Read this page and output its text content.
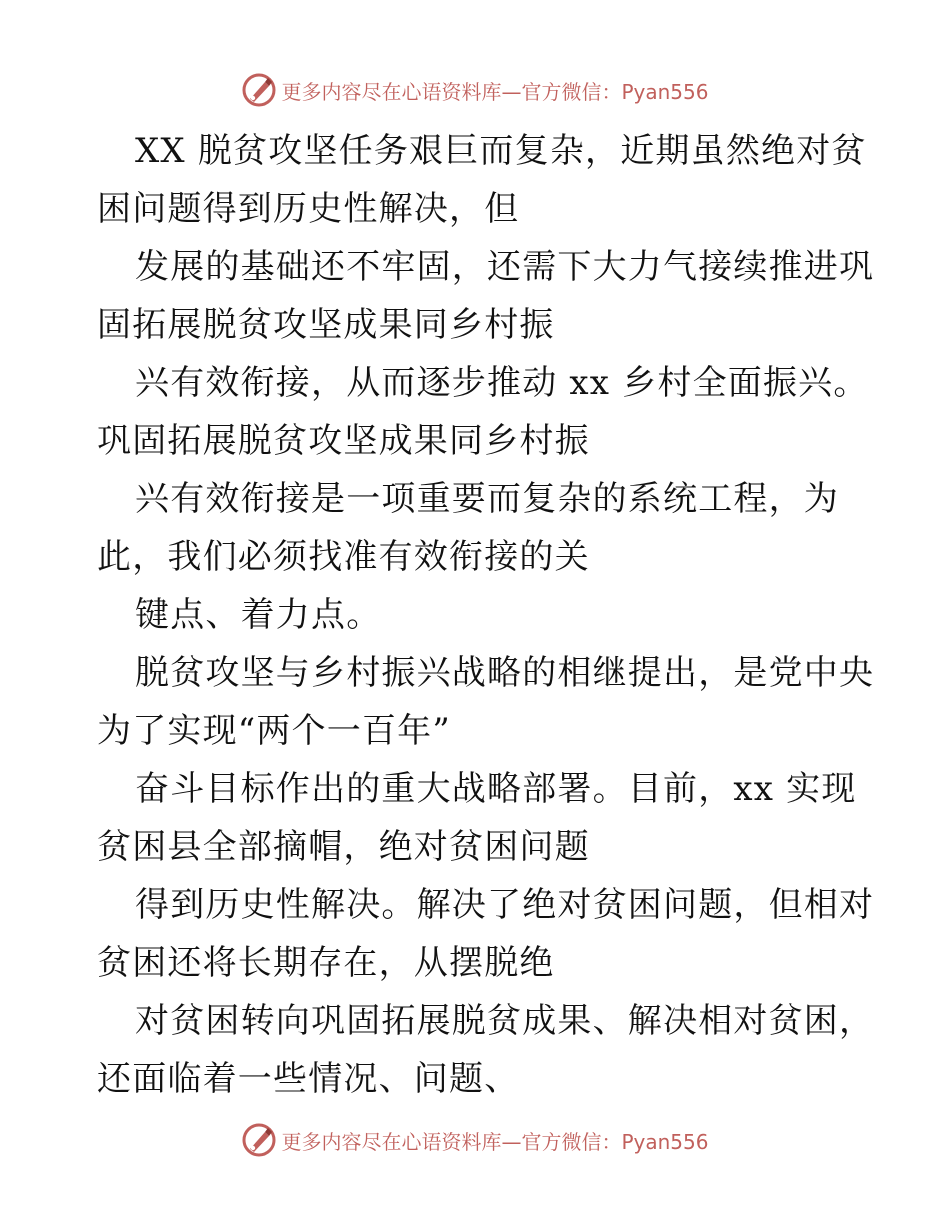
更多内容尽在心语资料库—官方微信：Pyan556
XX 脱贫攻坚任务艰巨而复杂，近期虽然绝对贫
困问题得到历史性解决，但
发展的基础还不牢固，还需下大力气接续推进巩
固拓展脱贫攻坚成果同乡村振
兴有效衔接，从而逐步推动 xx 乡村全面振兴。
巩固拓展脱贫攻坚成果同乡村振
兴有效衔接是一项重要而复杂的系统工程，为
此，我们必须找准有效衔接的关
键点、着力点。
脱贫攻坚与乡村振兴战略的相继提出，是党中央
为了实现“两个一百年”
奋斗目标作出的重大战略部署。目前，xx 实现
贫困县全部摘帽，绝对贫困问题
得到历史性解决。解决了绝对贫困问题，但相对
贫困还将长期存在，从摆脱绝
对贫困转向巩固拓展脱贫成果、解决相对贫困，
还面临着一些情况、问题、
更多内容尽在心语资料库—官方微信：Pyan556
